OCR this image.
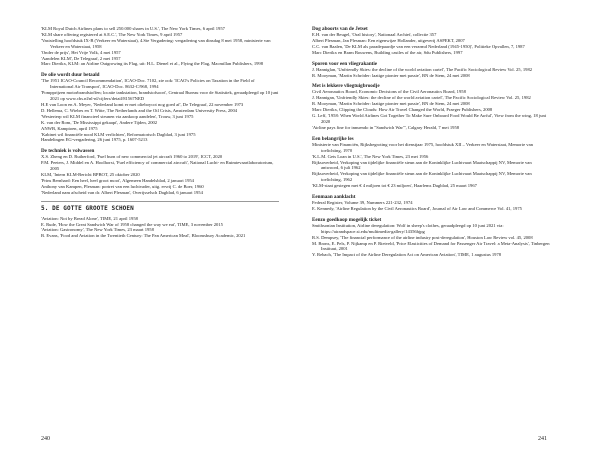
'KLM Royal Dutch Airlines plans to sell 250.000 shares in U.S.', The New York Times, 6 april 1957

'KLM share offering registered at S.E.C.', The New York Times, 9 april 1957

'Vaststelling hoofdstuk IX-B (Verkeer en Waterstaat), 4.Ste Vergadering: vergadering van dinsdag 8 mei 1958, ministerie van Verkeer en Waterstaat, 1958

'Onder de prijs', Het Vrije Volk, 4 mei 1957

'Aandelen KLM', De Telegraaf, 2 mei 1957

Marc Dierikx, KLM: an Airline Outgrowing its Flag, uit: H.L. Dienel et al., Flying the Flag, Macmillan Publishers, 1998

De olie wordt duur betaald

'The 1951 ICAO-Council Recommendation', ICAO-Doc. 7102, zie ook: 'ICAO's Policies on Taxation in the Field of International Air Transport', ICAO-Doc. 8632-C/968, 1994

'Pompprijzen motorbrandstoffen; locatie tankstation, brandstofsoort', Centraal Bureau voor de Statistiek, geraadpleegd op 10 juni 2021 op www.cbs.nl/nl-nl/cijfers/detail/81567NED

H.E van Loon en A. Meyer, 'Nederland komt er met olieboycot nog goed af', De Telegraaf, 22 november 1973

D. Hellema, C. Wiebes en T. Witte, The Netherlands and the Oil Crisis, Amsterdam University Press, 2004

'Westerterp wil KLM financieel steunen via aankoop aandelen', Trouw, 3 juni 1975

K. van der Rom, 'De Mississippi gekaapt', Andere Tijden, 2002

ANWB, Kampioen, april 1975

'Kabinet wil financiële nood KLM verlichten', Reformatorisch Dagblad, 3 juni 1975

Handelingen EG-vergadering, 26 juni 1975, p. 1607-5213

De techniek is volwassen

X.S. Zheng en D. Rutherford, 'Fuel burn of new commercial jet aircraft 1960 to 2019', ICCT, 2020

P.M. Peeters, J. Middel en A. Hoolhorst, 'Fuel efficiency of commercial aircraft', National Lucht- en Ruimtevaartlaboratorium, 2005

KLM, 'Intern KLM-Bericht BPBOT, 25 oktober 2020

'Prins Bernhard: Een heel, heel groot moot', Algemeen Handelsblad, 2 januari 1954

Anthony van Kampen, Plesman: portret van een luchtvader, uitg. ervrij C. de Boer, 1960

'Nederland nam afscheid van dr. Albert Plesman', Overijsselsch Dagblad, 6 januari 1954

5. DE GOTTE GROOTE SCHOEN

'Aviation: Not by Bread Alone', TIME, 21 april 1958

E. Rude, 'How the Great Sandwich War of 1958 changed the way we eat', TIME, 3 november 2015

'Aviation: Gastronomy', The New York Times, 23 maart 1958

B. Evans, 'Food and Aviation in the Twentieth Century: The Pan American Meal', Bloomsbury Academic, 2021

Dog aboorts van de Jetset

E.H. van der Beugel, 'Oral history', Nationaal Archief, collectie 357

Albert Plesman, Jan Plesman: Een eigenwijze Hollander, uitgeverij ASPEKT, 2007

C.C. van Baalen, 'De KLM als paradepaardje van een verarmd Nederland (1945-1950)', Politieke Opvallen, 7, 1987

Marc Dierikx en Bram Bouwens, Building castles of the air, Sdu Publishers, 1997

Sporen voor een vliegrakantie

J. Hanniglan, 'Unfriendly Skies: the decline of the world aviation cartel', The Pacific Sociological Review Vol. 25, 1982

R. Mooyman, 'Martin Schröder: laatige pionier met passie', BN de Stem, 24 mei 2008

Met is lekkere vliegtuigbroodje

Civil Aeronautics Board, Economic Decisions of the Civil Aeronautics Board, 1958

J. Hannigan, 'Unfriendly Skies: the decline of the world aviation cartel', The Pacific Sociological Review Vol. 25, 1982

R. Mooyman, 'Martin Schröder: laatige pionier met passie', BN de Stem, 24 mei 2008

Marc Dierikx, Clipping the Clouds: How Air Travel Changed the World, Praeger Publishers, 2008

G. Leff, '1958: When World Airlines Got Together To Make Sure Onboard Food Would Be Awful', View from the wing, 18 juni 2020

'Airline pays fine for innuendo in "Sandwich War"', Calgary Herald, 7 mei 1958

Een belangrijke les

Ministerie van Financiën, Rijksbegroting voor het dienstjaar 1975, hoofdstuk XII – Verkeer en Waterstaat, Memorie van toelichting, 1970

'K.L.M. Gets Loan in U.S.', The New York Times, 23 mei 1956

Rijksoverheid, Verkoping van tijdelijke financiële steun aan de Koninklijke Luchtvaart Maatschappij NV, Memorie van antwoord, 6 juli 1962

Rijksoverheid, Verkoping van tijdelijke financiële steun aan de Koninklijke Luchtvaart Maatschappij NV, Memorie van toelichting, 1962

'KLM-staat gestegen met € 4 miljoen tot € 23 miljoen', Haarlems Dagblad, 25 maart 1967

Eenmaan aanklacht

Federal Register, Volume 39, Nummers 221-232, 1974

E. Kennedy, 'Airline Regulation by the Civil Aeronautics Board', Journal of Air Law and Commerce Vol. 41, 1975

Eenzo goedkoop mogelijk ticket

Smithsonian Institution, Airline deregulation: Wolf in sheep's clothes, geraadpleegd op 10 juni 2021 via: https://airandspace.si.edu/multimedia-gallery/14356hjpg

R.S. Dempsey, 'The financial performance of the airline industry post-deregulation', Houston Law Review vol. 45, 2008

M. Brons, E. Pels, P. Nijkamp en P. Rietveld, 'Price Elasticities of Demand for Passenger Air Travel: a Meta-Analysis', Tinbergen Instituut, 2001

Y. Rebach, 'The Impact of the Airline Deregulation Act on American Aviation', TIME, 1 augustus 1978

240	241
